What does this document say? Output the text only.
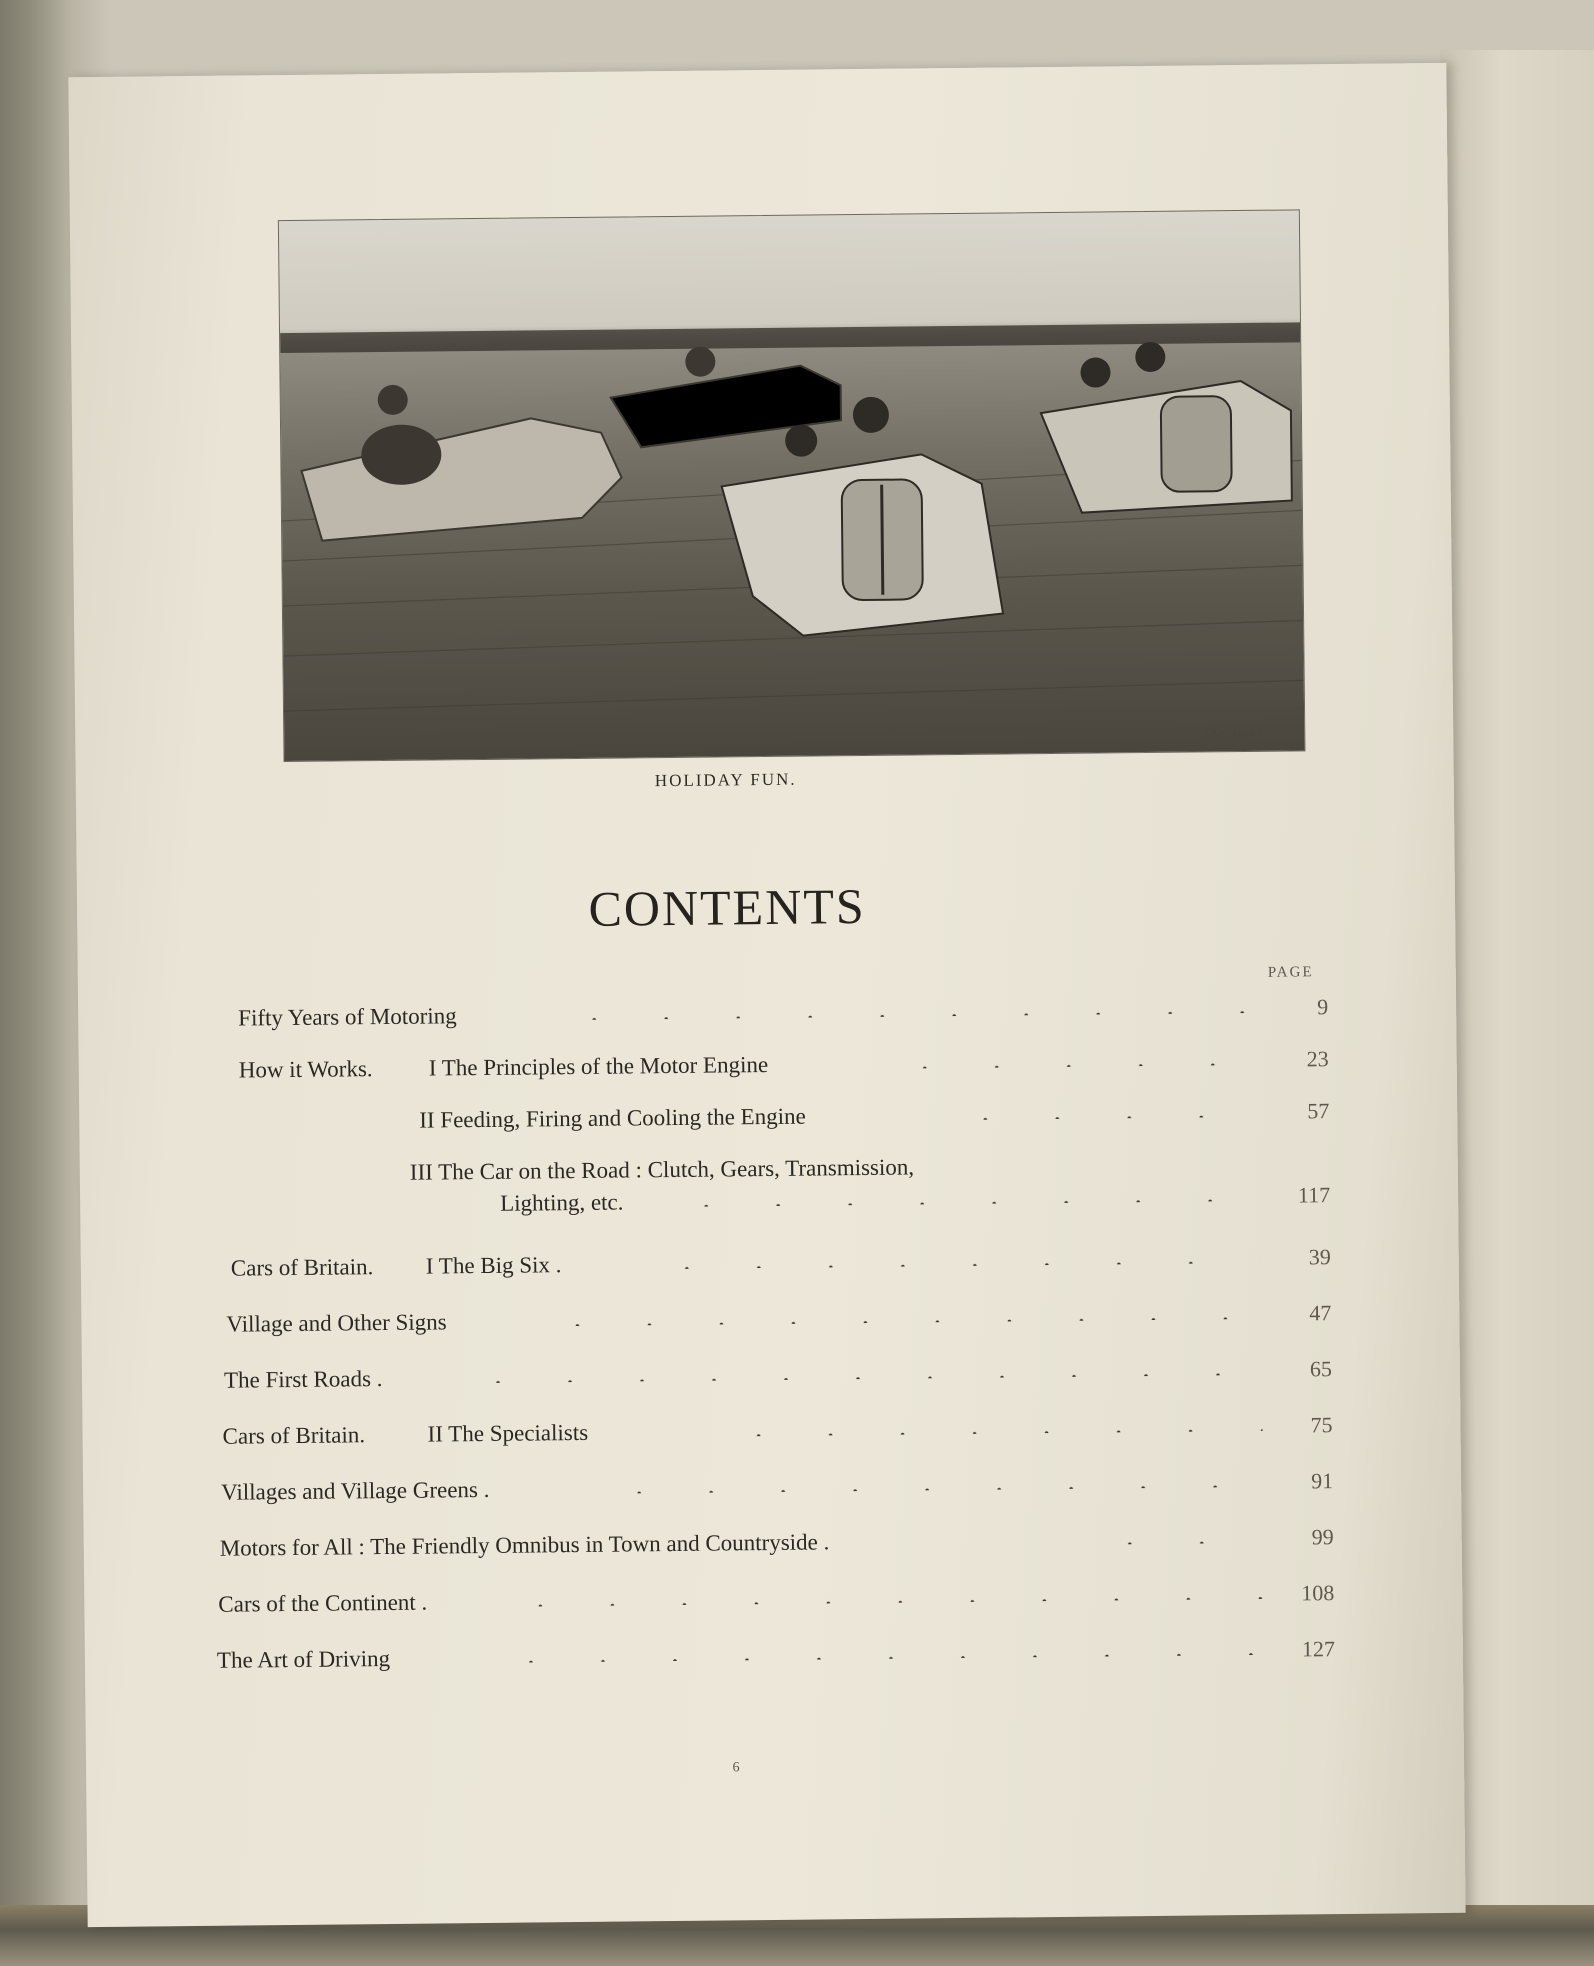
[Keystone.
HOLIDAY FUN.
CONTENTS
PAGE
Fifty Years of Motoring	9
How it Works. I The Principles of the Motor Engine	23
II Feeding, Firing and Cooling the Engine	57
III The Car on the Road : Clutch, Gears, Transmission,
Lighting, etc.	117
Cars of Britain. I The Big Six .	39
Village and Other Signs	47
The First Roads .	65
Cars of Britain.	II The Specialists	75
Villages and Village Greens .	91
Motors for All : The Friendly Omnibus in Town and Countryside .	99
Cars of the Continent .	108
The Art of Driving	127
6
